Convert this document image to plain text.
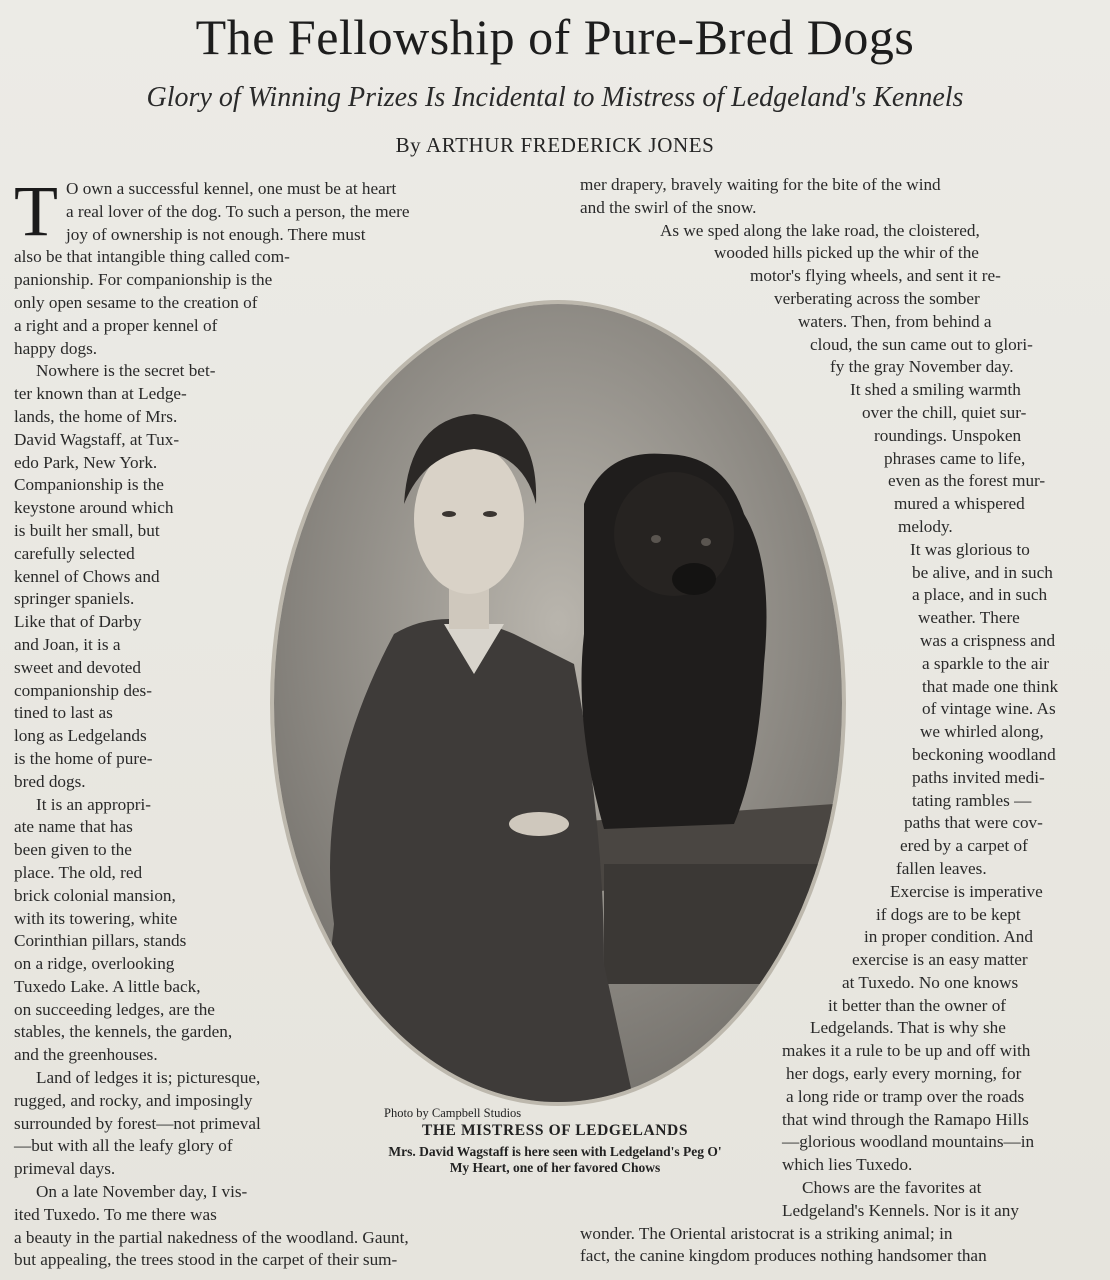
The Fellowship of Pure-Bred Dogs
Glory of Winning Prizes Is Incidental to Mistress of Ledgeland's Kennels
By ARTHUR FREDERICK JONES
T O own a successful kennel, one must be at heart
a real lover of the dog. To such a person, the mere
joy of ownership is not enough. There must
also be that intangible thing called com-
panionship. For companionship is the
only open sesame to the creation of
a right and a proper kennel of
happy dogs.
Nowhere is the secret bet-
ter known than at Ledge-
lands, the home of Mrs.
David Wagstaff, at Tux-
edo Park, New York.
Companionship is the
keystone around which
is built her small, but
carefully selected
kennel of Chows and
springer spaniels.
Like that of Darby
and Joan, it is a
sweet and devoted
companionship des-
tined to last as
long as Ledgelands
is the home of pure-
bred dogs.
It is an appropri-
ate name that has
been given to the
place. The old, red
brick colonial mansion,
with its towering, white
Corinthian pillars, stands
on a ridge, overlooking
Tuxedo Lake. A little back,
on succeeding ledges, are the
stables, the kennels, the garden,
and the greenhouses.
Land of ledges it is; picturesque,
rugged, and rocky, and imposingly
surrounded by forest—not primeval
—but with all the leafy glory of
primeval days.
On a late November day, I vis-
ited Tuxedo. To me there was
a beauty in the partial nakedness of the woodland. Gaunt,
but appealing, the trees stood in the carpet of their sum-
mer drapery, bravely waiting for the bite of the wind
and the swirl of the snow.
As we sped along the lake road, the cloistered,
wooded hills picked up the whir of the
motor's flying wheels, and sent it re-
verberating across the somber
waters. Then, from behind a
cloud, the sun came out to glori-
fy the gray November day.
It shed a smiling warmth
over the chill, quiet sur-
roundings. Unspoken
phrases came to life,
even as the forest mur-
mured a whispered
melody.
It was glorious to
be alive, and in such
a place, and in such
weather. There
was a crispness and
a sparkle to the air
that made one think
of vintage wine. As
we whirled along,
beckoning woodland
paths invited medi-
tating rambles —
paths that were cov-
ered by a carpet of
fallen leaves.
Exercise is imperative
if dogs are to be kept
in proper condition. And
exercise is an easy matter
at Tuxedo. No one knows
it better than the owner of
Ledgelands. That is why she
makes it a rule to be up and off with
her dogs, early every morning, for
a long ride or tramp over the roads
that wind through the Ramapo Hills
—glorious woodland mountains—in
which lies Tuxedo.
Chows are the favorites at
Ledgeland's Kennels. Nor is it any
wonder. The Oriental aristocrat is a striking animal; in
fact, the canine kingdom produces nothing handsomer than
Photo by Campbell Studios
THE MISTRESS OF LEDGELANDS
Mrs. David Wagstaff is here seen with Ledgeland's Peg O' My Heart, one of her favored Chows
